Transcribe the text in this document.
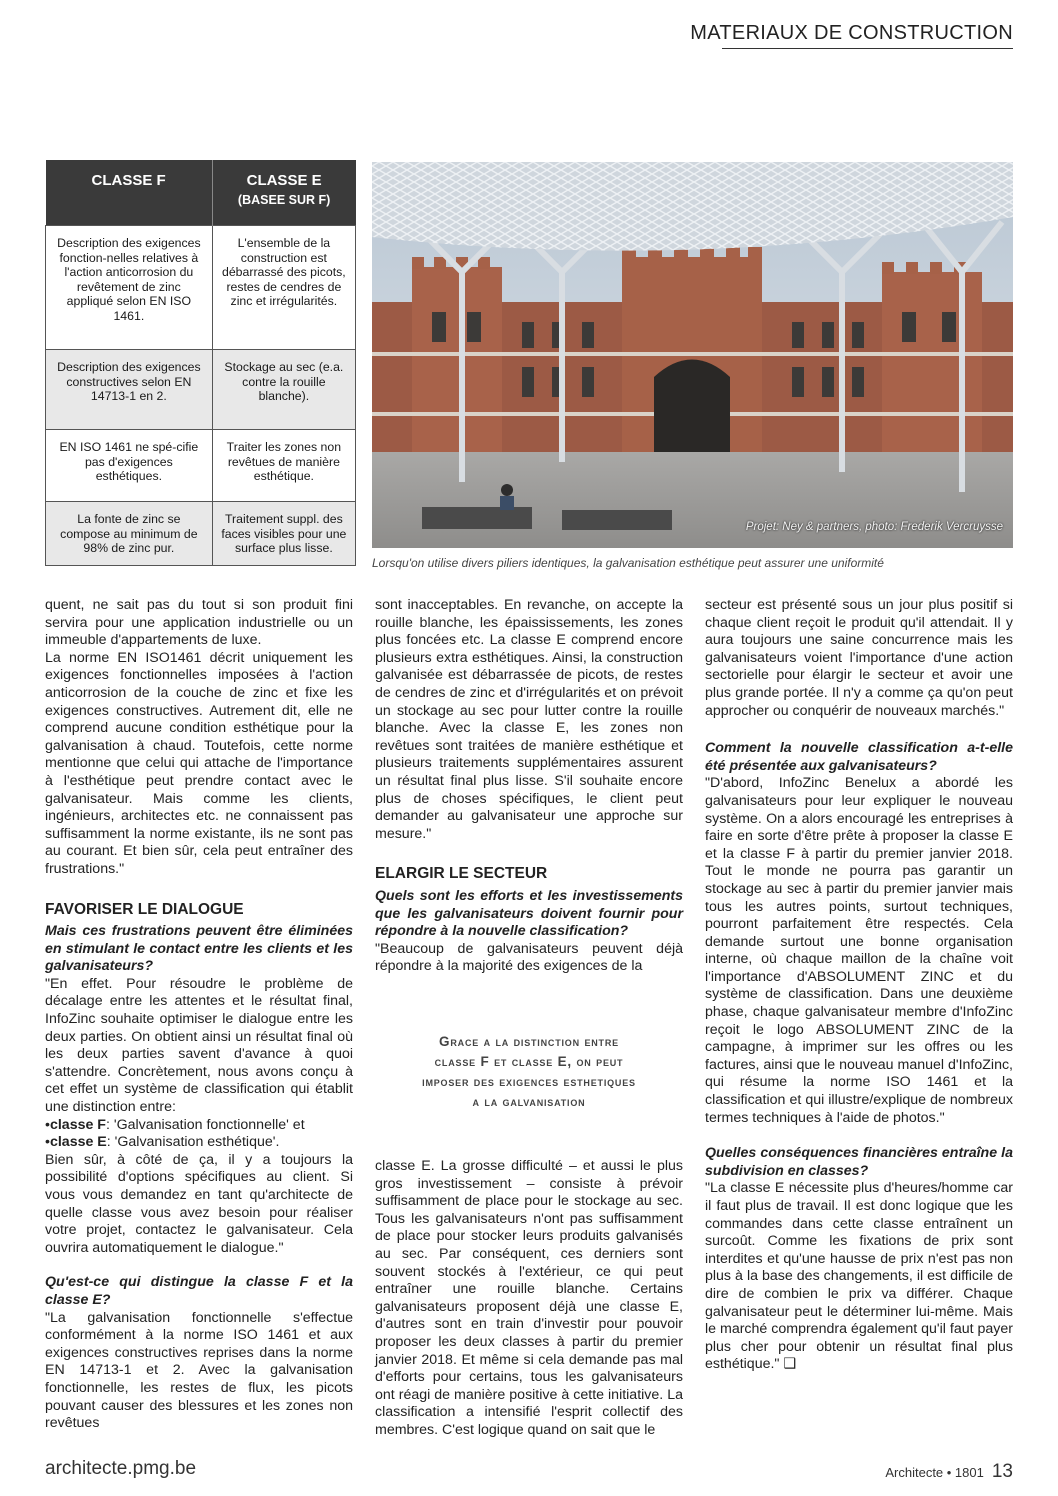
MATERIAUX DE CONSTRUCTION
CLASSE F	CLASSE E
(BASEE SUR F)

Description des exigences fonction-nelles relatives à l'action anticorrosion du revêtement de zinc appliqué selon EN ISO 1461.	L'ensemble de la construction est débarrassé des picots, restes de cendres de zinc et irrégularités.
Description des exigences constructives selon EN 14713-1 en 2.	Stockage au sec (e.a. contre la rouille blanche).
EN ISO 1461 ne spé-cifie pas d'exigences esthétiques.	Traiter les zones non revêtues de manière esthétique.
La fonte de zinc se compose au minimum de 98% de zinc pur.	Traitement suppl. des faces visibles pour une surface plus lisse.
Projet: Ney & partners, photo: Frederik Vercruysse
Lorsqu'on utilise divers piliers identiques, la galvanisation esthétique peut assurer une uniformité

quent, ne sait pas du tout si son produit fini servira pour une application industrielle ou un immeuble d'appartements de luxe.

La norme EN ISO1461 décrit uniquement les exigences fonctionnelles imposées à l'action anticorrosion de la couche de zinc et fixe les exigences constructives. Autrement dit, elle ne comprend aucune condition esthétique pour la galvanisation à chaud. Toutefois, cette norme mentionne que celui qui attache de l'importance à l'esthétique peut prendre contact avec le galvanisateur. Mais comme les clients, ingénieurs, architectes etc. ne connaissent pas suffisamment la norme existante, ils ne sont pas au courant. Et bien sûr, cela peut entraîner des frustrations."

FAVORISER LE DIALOGUE

Mais ces frustrations peuvent être éliminées en stimulant le contact entre les clients et les galvanisateurs?

"En effet. Pour résoudre le problème de décalage entre les attentes et le résultat final, InfoZinc souhaite optimiser le dialogue entre les deux parties. On obtient ainsi un résultat final où les deux parties savent d'avance à quoi s'attendre. Concrètement, nous avons conçu à cet effet un système de classification qui établit une distinction entre:

•classe F: 'Galvanisation fonctionnelle' et

•classe E: 'Galvanisation esthétique'.

Bien sûr, à côté de ça, il y a toujours la possibilité d'options spécifiques au client. Si vous vous demandez en tant qu'architecte de quelle classe vous avez besoin pour réaliser votre projet, contactez le galvanisateur. Cela ouvrira automatiquement le dialogue."

Qu'est-ce qui distingue la classe F et la classe E?

"La galvanisation fonctionnelle s'effectue conformément à la norme ISO 1461 et aux exigences constructives reprises dans la norme EN 14713-1 et 2. Avec la galvanisation fonctionnelle, les restes de flux, les picots pouvant causer des blessures et les zones non revêtues

sont inacceptables. En revanche, on accepte la rouille blanche, les épaississements, les zones plus foncées etc. La classe E comprend encore plusieurs extra esthétiques. Ainsi, la construction galvanisée est débarrassée de picots, de restes de cendres de zinc et d'irrégularités et on prévoit un stockage au sec pour lutter contre la rouille blanche. Avec la classe E, les zones non revêtues sont traitées de manière esthétique et plusieurs traitements supplémentaires assurent un résultat final plus lisse. S'il souhaite encore plus de choses spécifiques, le client peut demander au galvanisateur une approche sur mesure."

ELARGIR LE SECTEUR

Quels sont les efforts et les investissements que les galvanisateurs doivent fournir pour répondre à la nouvelle classification?

"Beaucoup de galvanisateurs peuvent déjà répondre à la majorité des exigences de la

Grace a la distinction entre
classe F et classe E, on peut
imposer des exigences esthetiques
a la galvanisation

classe E. La grosse difficulté – et aussi le plus gros investissement – consiste à prévoir suffisamment de place pour le stockage au sec. Tous les galvanisateurs n'ont pas suffisamment de place pour stocker leurs produits galvanisés au sec. Par conséquent, ces derniers sont souvent stockés à l'extérieur, ce qui peut entraîner une rouille blanche. Certains galvanisateurs proposent déjà une classe E, d'autres sont en train d'investir pour pouvoir proposer les deux classes à partir du premier janvier 2018. Et même si cela demande pas mal d'efforts pour certains, tous les galvanisateurs ont réagi de manière positive à cette initiative. La classification a intensifié l'esprit collectif des membres. C'est logique quand on sait que le

secteur est présenté sous un jour plus positif si chaque client reçoit le produit qu'il attendait. Il y aura toujours une saine concurrence mais les galvanisateurs voient l'importance d'une action sectorielle pour élargir le secteur et avoir une plus grande portée. Il n'y a comme ça qu'on peut approcher ou conquérir de nouveaux marchés."

Comment la nouvelle classification a-t-elle été présentée aux galvanisateurs?

"D'abord, InfoZinc Benelux a abordé les galvanisateurs pour leur expliquer le nouveau système. On a alors encouragé les entreprises à faire en sorte d'être prête à proposer la classe E et la classe F à partir du premier janvier 2018. Tout le monde ne pourra pas garantir un stockage au sec à partir du premier janvier mais tous les autres points, surtout techniques, pourront parfaitement être respectés. Cela demande surtout une bonne organisation interne, où chaque maillon de la chaîne voit l'importance d'ABSOLUMENT ZINC et du système de classification. Dans une deuxième phase, chaque galvanisateur membre d'InfoZinc reçoit le logo ABSOLUMENT ZINC de la campagne, à imprimer sur les offres ou les factures, ainsi que le nouveau manuel d'InfoZinc, qui résume la norme ISO 1461 et la classification et qui illustre/explique de nombreux termes techniques à l'aide de photos."

Quelles conséquences financières entraîne la subdivision en classes?

"La classe E nécessite plus d'heures/homme car il faut plus de travail. Il est donc logique que les commandes dans cette classe entraînent un surcoût. Comme les fixations de prix sont interdites et qu'une hausse de prix n'est pas non plus à la base des changements, il est difficile de dire de combien le prix va différer. Chaque galvanisateur peut le déterminer lui-même. Mais le marché comprendra également qu'il faut payer plus cher pour obtenir un résultat final plus esthétique." ❑

architecte.pmg.be	Architecte • 1801 13
